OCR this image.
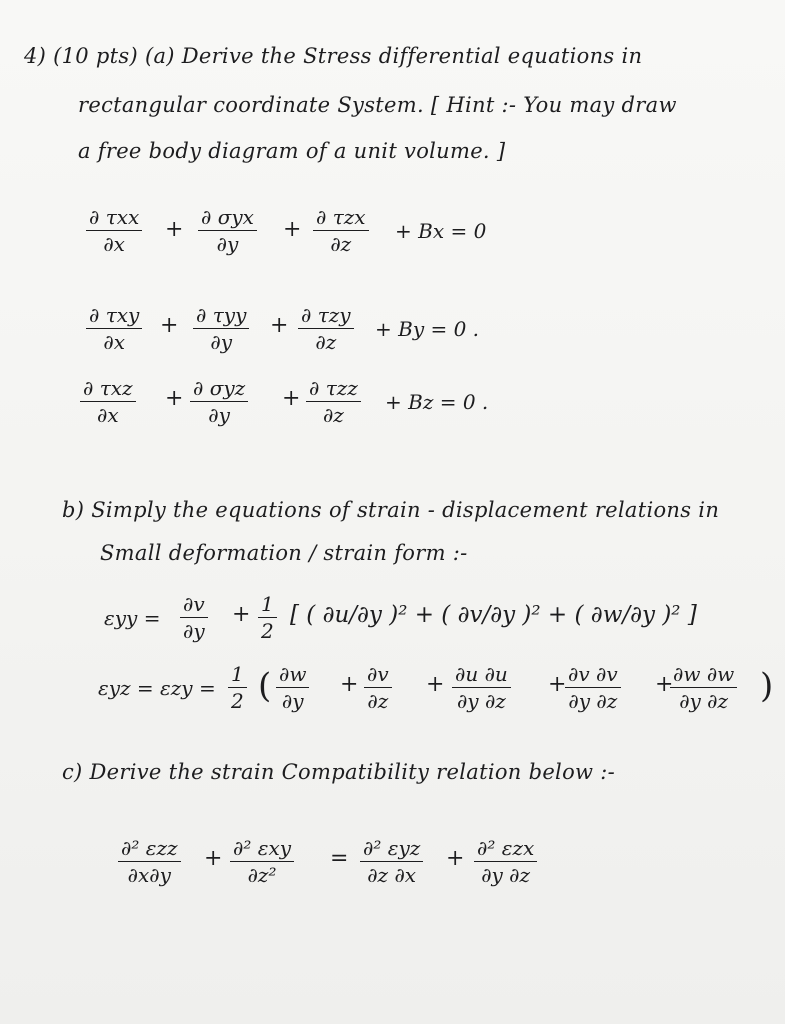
4) (10 pts) (a) Derive the Stress differential equations in
rectangular coordinate System. [ Hint :- You may draw
a free body diagram of a unit volume. ]
∂ τxx
∂x
+ ∂ σyx
∂y
+ ∂ τzx
∂z
+ Bx = 0
∂ τxy
∂x
+ ∂ τyy
∂y
+ ∂ τzy
∂z
+ By = 0 .
∂ τxz
∂x
+ ∂ σyz
∂y
+ ∂ τzz
∂z
+ Bz = 0 .
b) Simply the equations of strain - displacement relations in
Small deformation / strain form :-
εyy =
∂v
∂y
+ 1
2
[ ( ∂u/∂y )² + ( ∂v/∂y )² + ( ∂w/∂y )² ]
εyz = εzy =
1
2 ( ∂w
∂y
+ ∂v
∂z
+ ∂u ∂u
∂y ∂z
+ ∂v ∂v
∂y ∂z
+ ∂w ∂w
∂y ∂z )
c) Derive the strain Compatibility relation below :-
∂² εzz
∂x∂y
+ ∂² εxy
∂z²
= ∂² εyz
∂z ∂x
+ ∂² εzx
∂y ∂z
